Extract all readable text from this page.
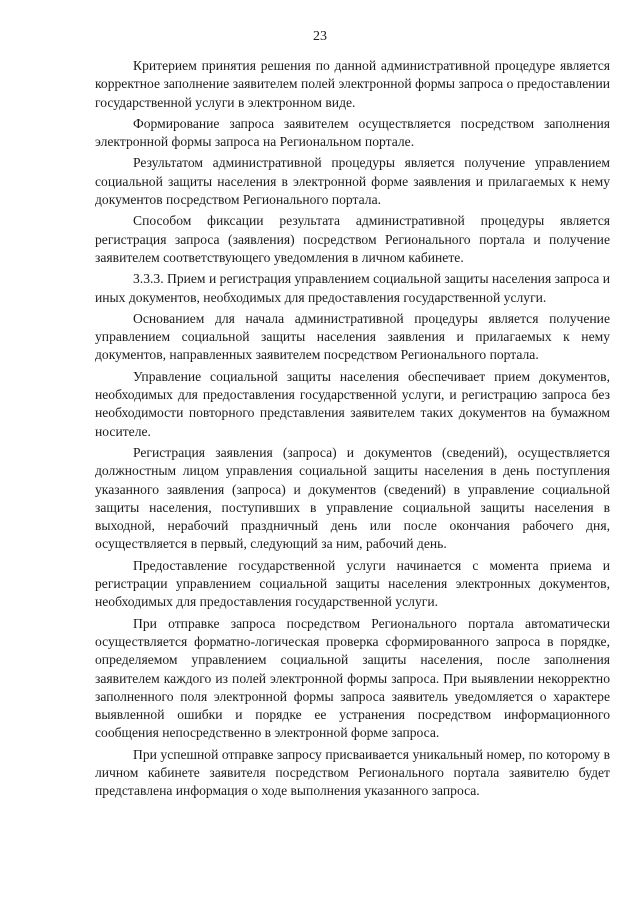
23

Критерием принятия решения по данной административной процедуре является корректное заполнение заявителем полей электронной формы запроса о предоставлении государственной услуги в электронном виде.

Формирование запроса заявителем осуществляется посредством заполнения электронной формы запроса на Региональном портале.

Результатом административной процедуры является получение управлением социальной защиты населения в электронной форме заявления и прилагаемых к нему документов посредством Регионального портала.

Способом фиксации результата административной процедуры является регистрация запроса (заявления) посредством Регионального портала и получение заявителем соответствующего уведомления в личном кабинете.

3.3.3. Прием и регистрация управлением социальной защиты населения запроса и иных документов, необходимых для предоставления государственной услуги.

Основанием для начала административной процедуры является получение управлением социальной защиты населения заявления и прилагаемых к нему документов, направленных заявителем посредством Регионального портала.

Управление социальной защиты населения обеспечивает прием документов, необходимых для предоставления государственной услуги, и регистрацию запроса без необходимости повторного представления заявителем таких документов на бумажном носителе.

Регистрация заявления (запроса) и документов (сведений), осуществляется должностным лицом управления социальной защиты населения в день поступления указанного заявления (запроса) и документов (сведений) в управление социальной защиты населения, поступивших в управление социальной защиты населения в выходной, нерабочий праздничный день или после окончания рабочего дня, осуществляется в первый, следующий за ним, рабочий день.

Предоставление государственной услуги начинается с момента приема и регистрации управлением социальной защиты населения электронных документов, необходимых для предоставления государственной услуги.

При отправке запроса посредством Регионального портала автоматически осуществляется форматно-логическая проверка сформированного запроса в порядке, определяемом управлением социальной защиты населения, после заполнения заявителем каждого из полей электронной формы запроса. При выявлении некорректно заполненного поля электронной формы запроса заявитель уведомляется о характере выявленной ошибки и порядке ее устранения посредством информационного сообщения непосредственно в электронной форме запроса.

При успешной отправке запросу присваивается уникальный номер, по которому в личном кабинете заявителя посредством Регионального портала заявителю будет представлена информация о ходе выполнения указанного запроса.
